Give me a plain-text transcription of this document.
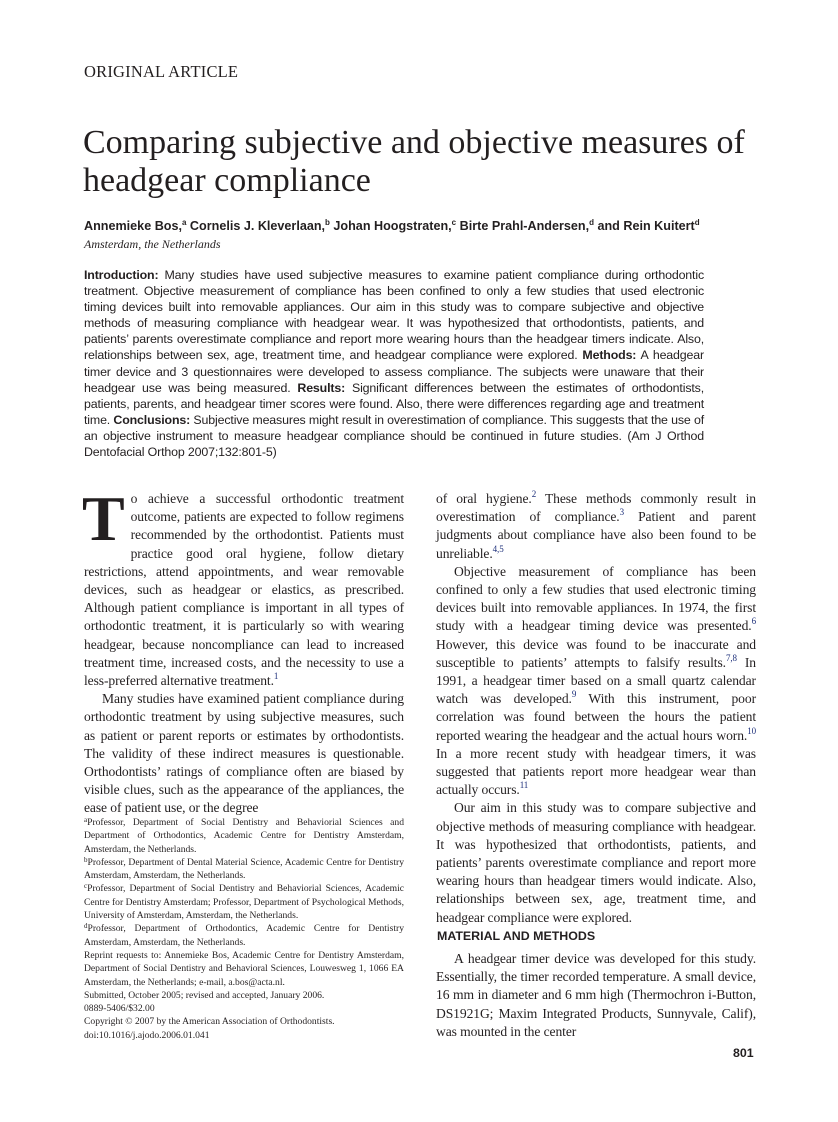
ORIGINAL ARTICLE
Comparing subjective and objective measures of headgear compliance
Annemieke Bos,$^a$ Cornelis J. Kleverlaan,$^b$ Johan Hoogstraten,$^c$ Birte Prahl-Andersen,$^d$ and Rein Kuitert$^d$
Amsterdam, the Netherlands
Introduction: Many studies have used subjective measures to examine patient compliance during orthodontic treatment. Objective measurement of compliance has been confined to only a few studies that used electronic timing devices built into removable appliances. Our aim in this study was to compare subjective and objective methods of measuring compliance with headgear wear. It was hypothesized that orthodontists, patients, and patients’ parents overestimate compliance and report more wearing hours than the headgear timers indicate. Also, relationships between sex, age, treatment time, and headgear compliance were explored. Methods: A headgear timer device and 3 questionnaires were developed to assess compliance. The subjects were unaware that their headgear use was being measured. Results: Significant differences between the estimates of orthodontists, patients, parents, and headgear timer scores were found. Also, there were differences regarding age and treatment time. Conclusions: Subjective measures might result in overestimation of compliance. This suggests that the use of an objective instrument to measure headgear compliance should be continued in future studies. (Am J Orthod Dentofacial Orthop 2007;132:801-5)

To achieve a successful orthodontic treatment outcome, patients are expected to follow regimens recommended by the orthodontist. Patients must practice good oral hygiene, follow dietary restrictions, attend appointments, and wear removable devices, such as headgear or elastics, as prescribed. Although patient compliance is important in all types of orthodontic treatment, it is particularly so with wearing headgear, because noncompliance can lead to increased treatment time, increased costs, and the necessity to use a less-preferred alternative treatment.$^1$

Many studies have examined patient compliance during orthodontic treatment by using subjective measures, such as patient or parent reports or estimates by orthodontists. The validity of these indirect measures is questionable. Orthodontists’ ratings of compliance often are biased by visible clues, such as the appearance of the appliances, the ease of patient use, or the degree

$^a$Professor, Department of Social Dentistry and Behaviorial Sciences and Department of Orthodontics, Academic Centre for Dentistry Amsterdam, Amsterdam, the Netherlands.
$^b$Professor, Department of Dental Material Science, Academic Centre for Dentistry Amsterdam, Amsterdam, the Netherlands.
$^c$Professor, Department of Social Dentistry and Behaviorial Sciences, Academic Centre for Dentistry Amsterdam; Professor, Department of Psychological Methods, University of Amsterdam, Amsterdam, the Netherlands.
$^d$Professor, Department of Orthodontics, Academic Centre for Dentistry Amsterdam, Amsterdam, the Netherlands.
Reprint requests to: Annemieke Bos, Academic Centre for Dentistry Amsterdam, Department of Social Dentistry and Behavioral Sciences, Louwesweg 1, 1066 EA Amsterdam, the Netherlands; e-mail, a.bos@acta.nl.
Submitted, October 2005; revised and accepted, January 2006.
0889-5406/$32.00
Copyright © 2007 by the American Association of Orthodontists.
doi:10.1016/j.ajodo.2006.01.041

of oral hygiene.$^2$ These methods commonly result in overestimation of compliance.$^3$ Patient and parent judgments about compliance have also been found to be unreliable.$^{4,5}$

Objective measurement of compliance has been confined to only a few studies that used electronic timing devices built into removable appliances. In 1974, the first study with a headgear timing device was presented.$^6$ However, this device was found to be inaccurate and susceptible to patients’ attempts to falsify results.$^{7,8}$ In 1991, a headgear timer based on a small quartz calendar watch was developed.$^9$ With this instrument, poor correlation was found between the hours the patient reported wearing the headgear and the actual hours worn.$^{10}$ In a more recent study with headgear timers, it was suggested that patients report more headgear wear than actually occurs.$^{11}$

Our aim in this study was to compare subjective and objective methods of measuring compliance with headgear. It was hypothesized that orthodontists, patients, and patients’ parents overestimate compliance and report more wearing hours than headgear timers would indicate. Also, relationships between sex, age, treatment time, and headgear compliance were explored.

MATERIAL AND METHODS

A headgear timer device was developed for this study. Essentially, the timer recorded temperature. A small device, 16 mm in diameter and 6 mm high (Thermochron i-Button, DS1921G; Maxim Integrated Products, Sunnyvale, Calif), was mounted in the center

801
